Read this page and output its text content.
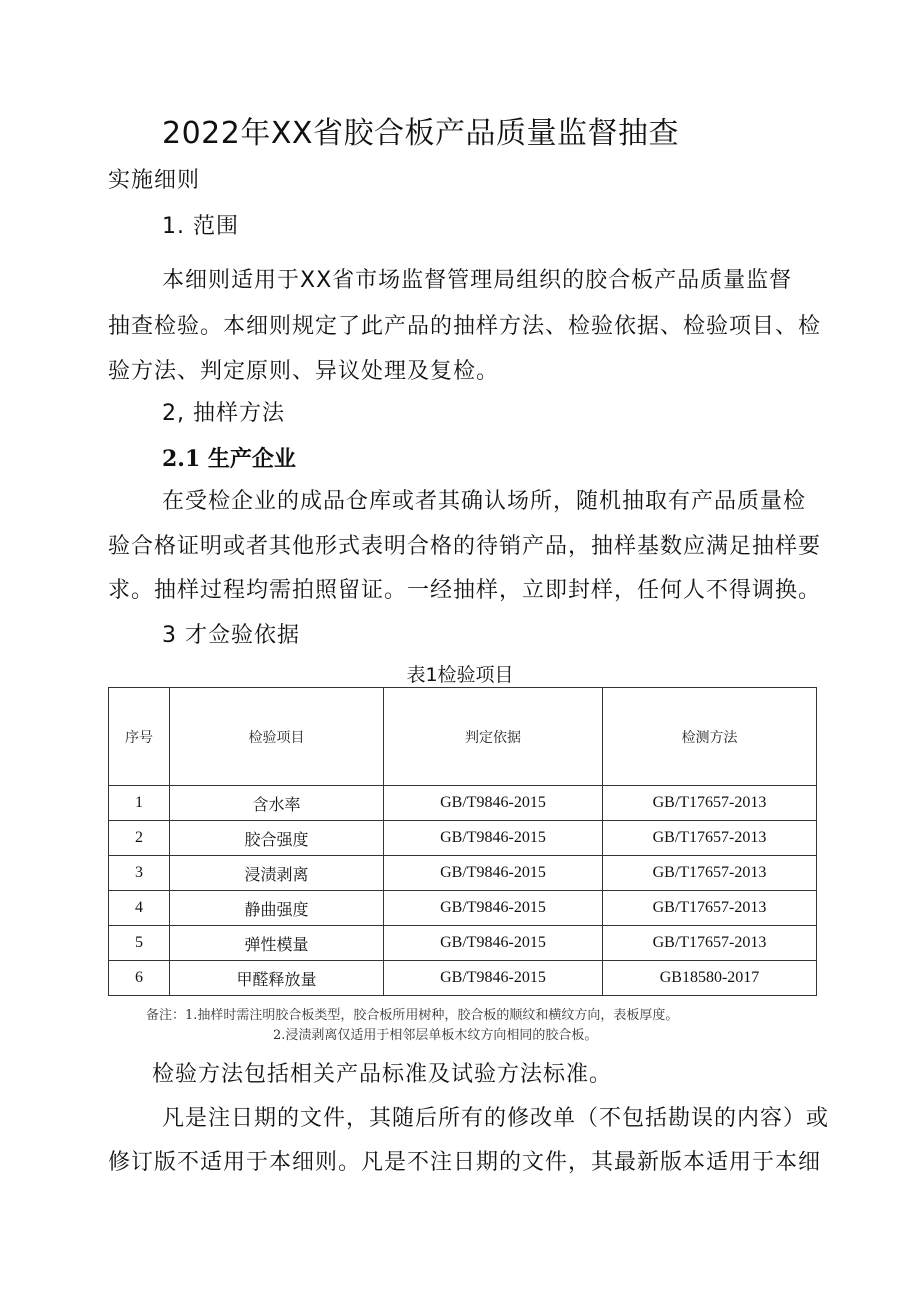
2022年XX省胶合板产品质量监督抽查
实施细则
1. 范围
本细则适用于XX省市场监督管理局组织的胶合板产品质量监督
抽查检验。本细则规定了此产品的抽样方法、检验依据、检验项目、检
验方法、判定原则、异议处理及复检。
2, 抽样方法
2.1 生产企业
在受检企业的成品仓库或者其确认场所，随机抽取有产品质量检
验合格证明或者其他形式表明合格的待销产品，抽样基数应满足抽样要
求。抽样过程均需拍照留证。一经抽样，立即封样，任何人不得调换。
3 才佥验依据
表1检验项目
序号	检验项目	判定依据	检测方法
1	含水率	GB/T9846-2015	GB/T17657-2013
2	胶合强度	GB/T9846-2015	GB/T17657-2013
3	浸渍剥离	GB/T9846-2015	GB/T17657-2013
4	静曲强度	GB/T9846-2015	GB/T17657-2013
5	弹性模量	GB/T9846-2015	GB/T17657-2013
6	甲醛释放量	GB/T9846-2015	GB18580-2017
备注：1.抽样时需注明胶合板类型，胶合板所用树种，胶合板的顺纹和横纹方向，表板厚度。
2.浸渍剥离仅适用于相邻层单板木纹方向相同的胶合板。
检验方法包括相关产品标准及试验方法标准。
凡是注日期的文件，其随后所有的修改单（不包括勘误的内容）或
修订版不适用于本细则。凡是不注日期的文件，其最新版本适用于本细
